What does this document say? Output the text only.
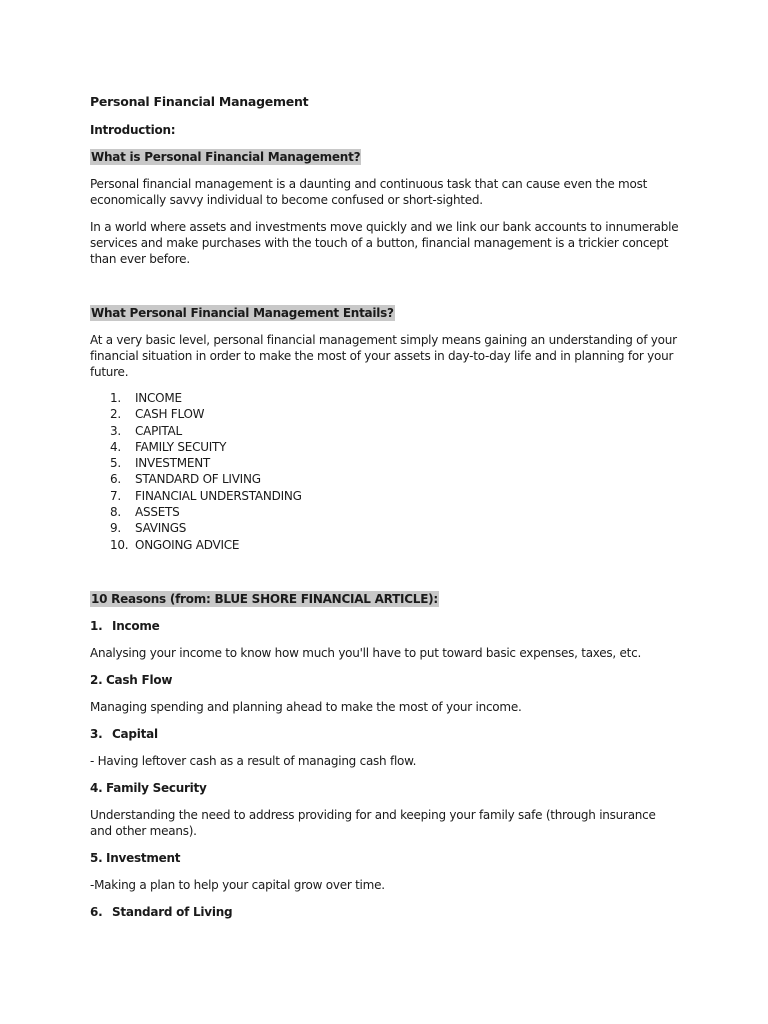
Personal Financial Management
Introduction:
What is Personal Financial Management?

Personal financial management is a daunting and continuous task that can cause even the most economically savvy individual to become confused or short-sighted.

In a world where assets and investments move quickly and we link our bank accounts to innumerable services and make purchases with the touch of a button, financial management is a trickier concept than ever before.

What Personal Financial Management Entails?

At a very basic level, personal financial management simply means gaining an understanding of your financial situation in order to make the most of your assets in day-to-day life and in planning for your future.

1.	INCOME
2.	CASH FLOW
3.	CAPITAL
4.	FAMILY SECUITY
5.	INVESTMENT
6.	STANDARD OF LIVING
7.	FINANCIAL UNDERSTANDING
8.	ASSETS
9.	SAVINGS
10. ONGOING ADVICE
10 Reasons (from: BLUE SHORE FINANCIAL ARTICLE):
1. Income

Analysing your income to know how much you'll have to put toward basic expenses, taxes, etc.

2. Cash Flow

Managing spending and planning ahead to make the most of your income.

3. Capital

- Having leftover cash as a result of managing cash flow.

4. Family Security

Understanding the need to address providing for and keeping your family safe (through insurance and other means).

5. Investment

-Making a plan to help your capital grow over time.

6. Standard of Living
